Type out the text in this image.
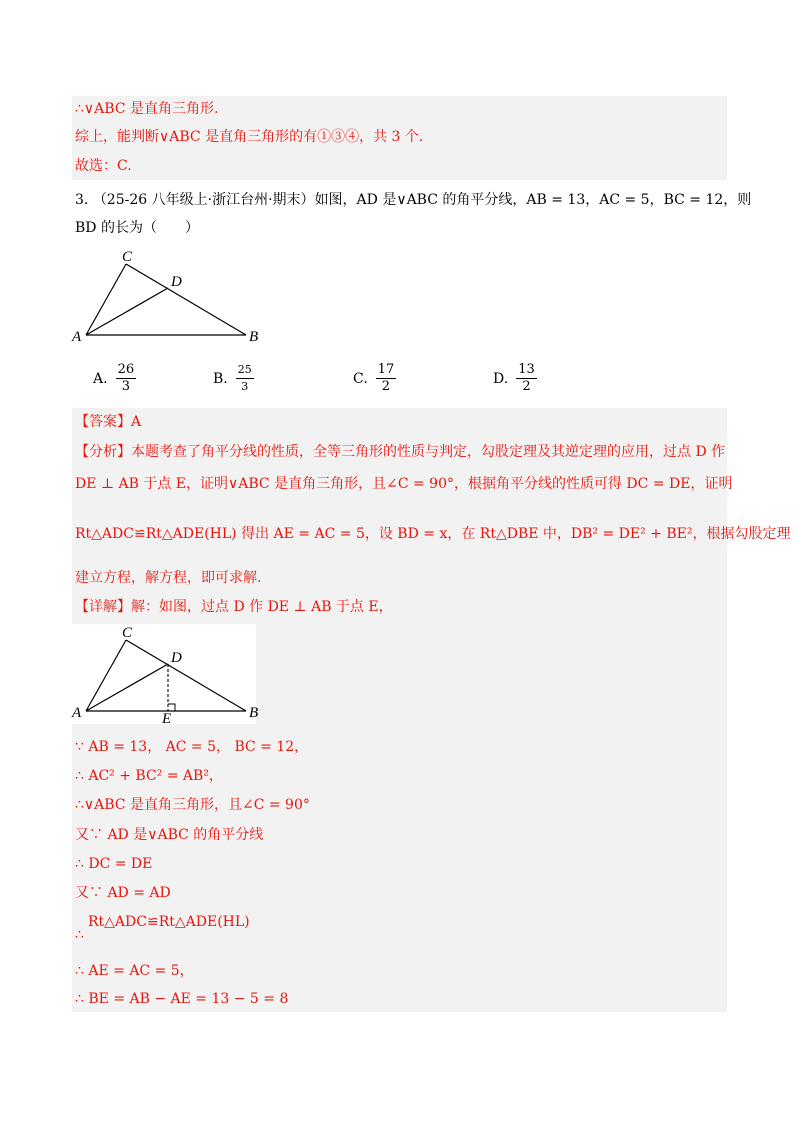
∴∨ABC 是直角三角形.
综上，能判断∨ABC 是直角三角形的有①③④，共 3 个.
故选：C.
3. （25-26 八年级上·浙江台州·期末）如图，AD 是∨ABC 的角平分线，AB = 13，AC = 5，BC = 12，则
BD 的长为（　　）
C
D
A	B
A. $\frac{26}{3}$	B. $\frac{25}{3}$	C. $\frac{17}{2}$	D. $\frac{13}{2}$
【答案】A
【分析】本题考查了角平分线的性质，全等三角形的性质与判定，勾股定理及其逆定理的应用，过点 D 作
DE ⊥ AB 于点 E，证明∨ABC 是直角三角形，且∠C = 90°，根据角平分线的性质可得 DC = DE，证明
Rt△ADC≌Rt△ADE(HL) 得出 AE = AC = 5，设 BD = x，在 Rt△DBE 中，DB² = DE² + BE²，根据勾股定理
建立方程，解方程，即可求解.
【详解】解：如图，过点 D 作 DE ⊥ AB 于点 E，
C
D
A	B
E
∵ AB = 13， AC = 5， BC = 12，
∴ AC² + BC² = AB²，
∴∨ABC 是直角三角形，且∠C = 90°
又∵ AD 是∨ABC 的角平分线
∴ DC = DE
又∵ AD = AD
Rt△ADC≌Rt△ADE(HL)
∴
∴ AE = AC = 5，
∴ BE = AB − AE = 13 − 5 = 8
